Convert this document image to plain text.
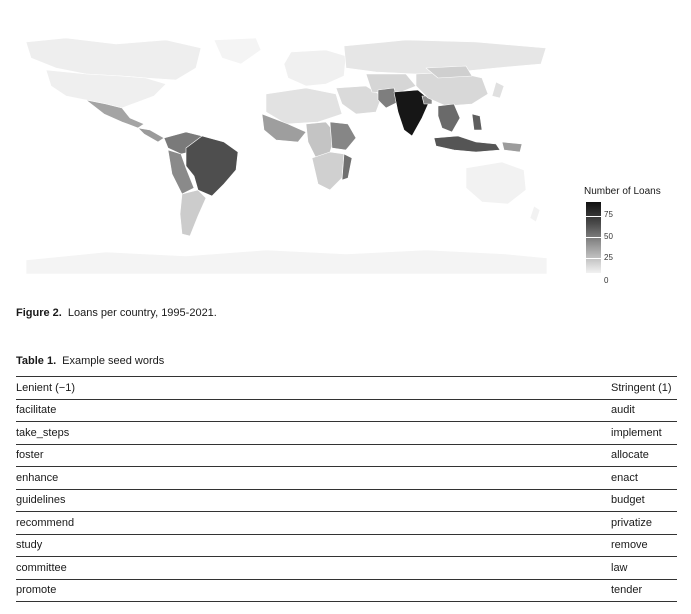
Number of Loans
75
50
25
0
Figure 2. Loans per country, 1995-2021.
Table 1. Example seed words
Lenient (−1)	Stringent (1)
facilitate	audit
take_steps	implement
foster	allocate
enhance	enact
guidelines	budget
recommend	privatize
study	remove
committee	law
promote	tender
